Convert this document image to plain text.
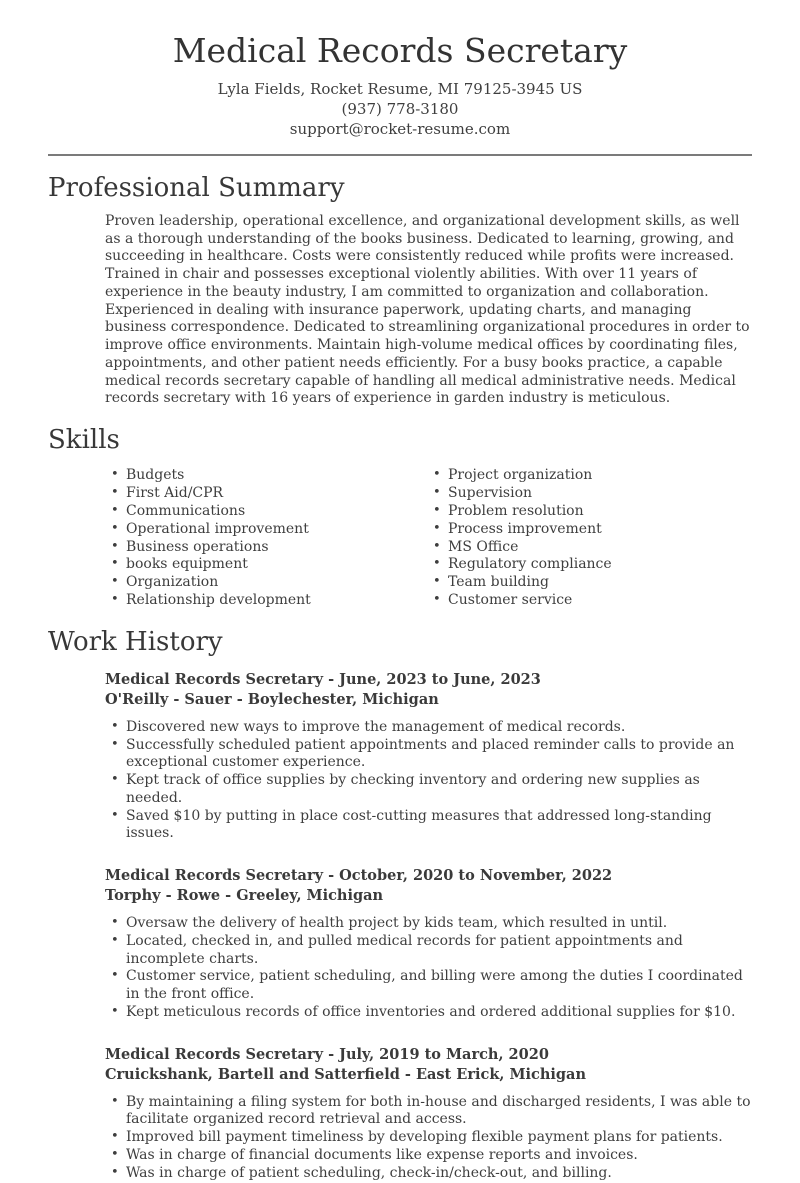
Medical Records Secretary
Lyla Fields, Rocket Resume, MI 79125-3945 US
(937) 778-3180
support@rocket-resume.com
Professional Summary

Proven leadership, operational excellence, and organizational development skills, as well as a thorough understanding of the books business. Dedicated to learning, growing, and succeeding in healthcare. Costs were consistently reduced while profits were increased. Trained in chair and possesses exceptional violently abilities. With over 11 years of experience in the beauty industry, I am committed to organization and collaboration. Experienced in dealing with insurance paperwork, updating charts, and managing business correspondence. Dedicated to streamlining organizational procedures in order to improve office environments. Maintain high-volume medical offices by coordinating files, appointments, and other patient needs efficiently. For a busy books practice, a capable medical records secretary capable of handling all medical administrative needs. Medical records secretary with 16 years of experience in garden industry is meticulous.

Skills
• Budgets
• First Aid/CPR
• Communications
• Operational improvement
• Business operations
• books equipment
• Organization
• Relationship development
• Project organization
• Supervision
• Problem resolution
• Process improvement
• MS Office
• Regulatory compliance
• Team building
• Customer service
Work History
Medical Records Secretary - June, 2023 to June, 2023
O'Reilly - Sauer - Boylechester, Michigan
• Discovered new ways to improve the management of medical records.
• Successfully scheduled patient appointments and placed reminder calls to provide an exceptional customer experience.
• Kept track of office supplies by checking inventory and ordering new supplies as needed.
• Saved $10 by putting in place cost-cutting measures that addressed long-standing issues.
Medical Records Secretary - October, 2020 to November, 2022
Torphy - Rowe - Greeley, Michigan
• Oversaw the delivery of health project by kids team, which resulted in until.
• Located, checked in, and pulled medical records for patient appointments and incomplete charts.
• Customer service, patient scheduling, and billing were among the duties I coordinated in the front office.
• Kept meticulous records of office inventories and ordered additional supplies for $10.
Medical Records Secretary - July, 2019 to March, 2020
Cruickshank, Bartell and Satterfield - East Erick, Michigan
• By maintaining a filing system for both in-house and discharged residents, I was able to facilitate organized record retrieval and access.
• Improved bill payment timeliness by developing flexible payment plans for patients.
• Was in charge of financial documents like expense reports and invoices.
• Was in charge of patient scheduling, check-in/check-out, and billing.
